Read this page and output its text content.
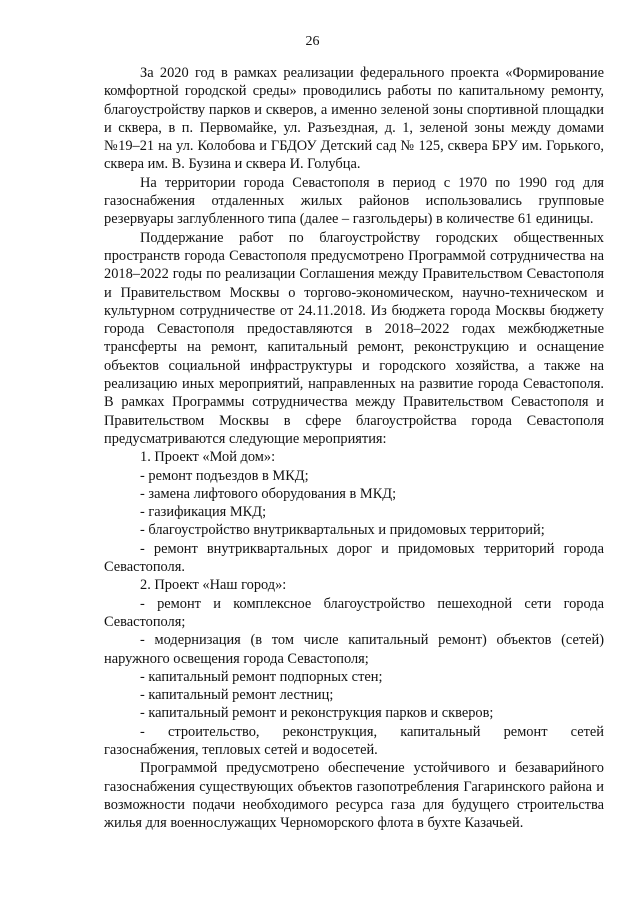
26

За 2020 год в рамках реализации федерального проекта «Формирование комфортной городской среды» проводились работы по капитальному ремонту, благоустройству парков и скверов, а именно зеленой зоны спортивной площадки и сквера, в п. Первомайке, ул. Разъездная, д. 1, зеленой зоны между домами №19–21 на ул. Колобова и ГБДОУ Детский сад № 125, сквера БРУ им. Горького, сквера им. В. Бузина и сквера И. Голубца.

На территории города Севастополя в период с 1970 по 1990 год для газоснабжения отдаленных жилых районов использовались групповые резервуары заглубленного типа (далее – газгольдеры) в количестве 61 единицы.

Поддержание работ по благоустройству городских общественных пространств города Севастополя предусмотрено Программой сотрудничества на 2018–2022 годы по реализации Соглашения между Правительством Севастополя и Правительством Москвы о торгово-экономическом, научно-техническом и культурном сотрудничестве от 24.11.2018. Из бюджета города Москвы бюджету города Севастополя предоставляются в 2018–2022 годах межбюджетные трансферты на ремонт, капитальный ремонт, реконструкцию и оснащение объектов социальной инфраструктуры и городского хозяйства, а также на реализацию иных мероприятий, направленных на развитие города Севастополя. В рамках Программы сотрудничества между Правительством Севастополя и Правительством Москвы в сфере благоустройства города Севастополя предусматриваются следующие мероприятия:

1. Проект «Мой дом»:

- ремонт подъездов в МКД;

- замена лифтового оборудования в МКД;

- газификация МКД;

- благоустройство внутриквартальных и придомовых территорий;

- ремонт внутриквартальных дорог и придомовых территорий города Севастополя.

2. Проект «Наш город»:

- ремонт и комплексное благоустройство пешеходной сети города Севастополя;

- модернизация (в том числе капитальный ремонт) объектов (сетей) наружного освещения города Севастополя;

- капитальный ремонт подпорных стен;

- капитальный ремонт лестниц;

- капитальный ремонт и реконструкция парков и скверов;

- строительство, реконструкция, капитальный ремонт сетей газоснабжения, тепловых сетей и водосетей.

Программой предусмотрено обеспечение устойчивого и безаварийного газоснабжения существующих объектов газопотребления Гагаринского района и возможности подачи необходимого ресурса газа для будущего строительства жилья для военнослужащих Черноморского флота в бухте Казачьей.
